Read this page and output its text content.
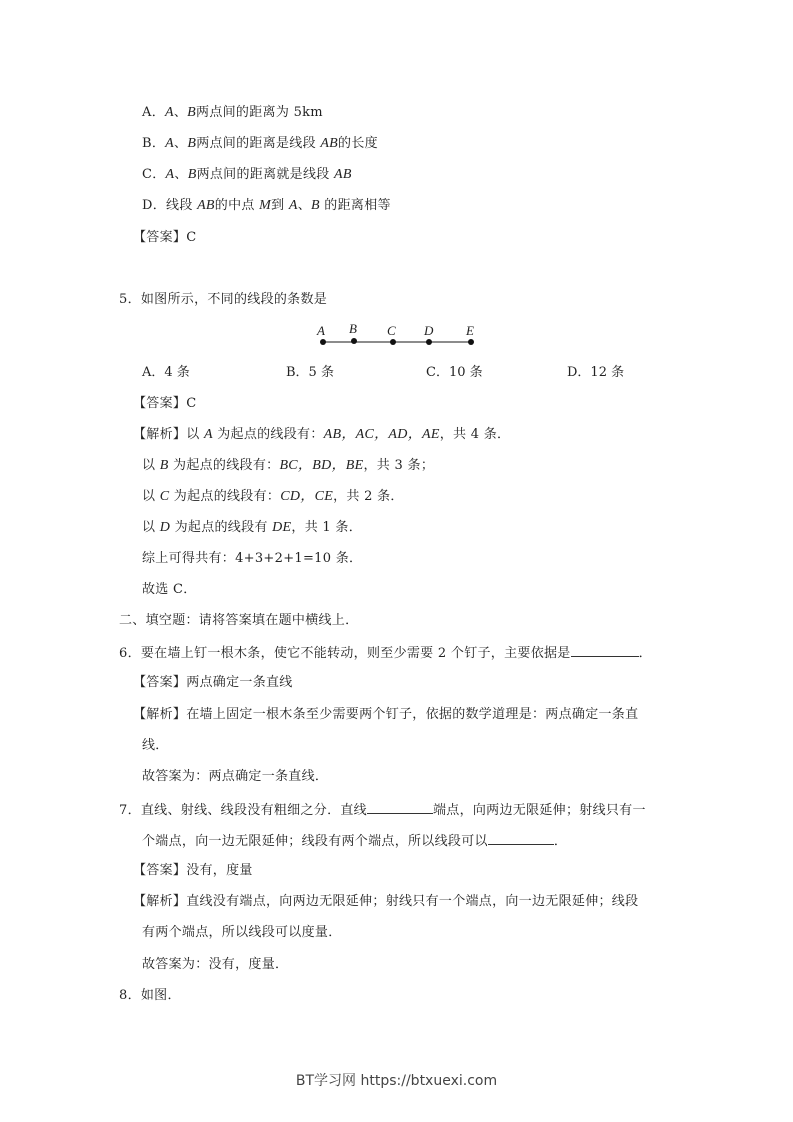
A．A、B两点间的距离为 5km
B．A、B两点间的距离是线段 AB的长度
C．A、B两点间的距离就是线段 AB
D．线段 AB的中点 M到 A、B 的距离相等
【答案】C
5．如图所示，不同的线段的条数是
A B C D	E
A．4 条	B．5 条	C．10 条	D．12 条
【答案】C
【解析】以 A 为起点的线段有：AB，AC，AD，AE，共 4 条．
以 B 为起点的线段有：BC，BD，BE，共 3 条；
以 C 为起点的线段有：CD，CE，共 2 条．
以 D 为起点的线段有 DE，共 1 条．
综上可得共有：4+3+2+1=10 条．
故选 C．
二、填空题：请将答案填在题中横线上．
6．要在墙上钉一根木条，使它不能转动，则至少需要 2 个钉子，主要依据是	．
【答案】两点确定一条直线
【解析】在墙上固定一根木条至少需要两个钉子，依据的数学道理是：两点确定一条直
线．
故答案为：两点确定一条直线．
7．直线、射线、线段没有粗细之分．直线	端点，向两边无限延伸；射线只有一
个端点，向一边无限延伸；线段有两个端点，所以线段可以	．
【答案】没有，度量
【解析】直线没有端点，向两边无限延伸；射线只有一个端点，向一边无限延伸；线段
有两个端点，所以线段可以度量．
故答案为：没有，度量．
8．如图．
BT学习网 https://btxuexi.com
